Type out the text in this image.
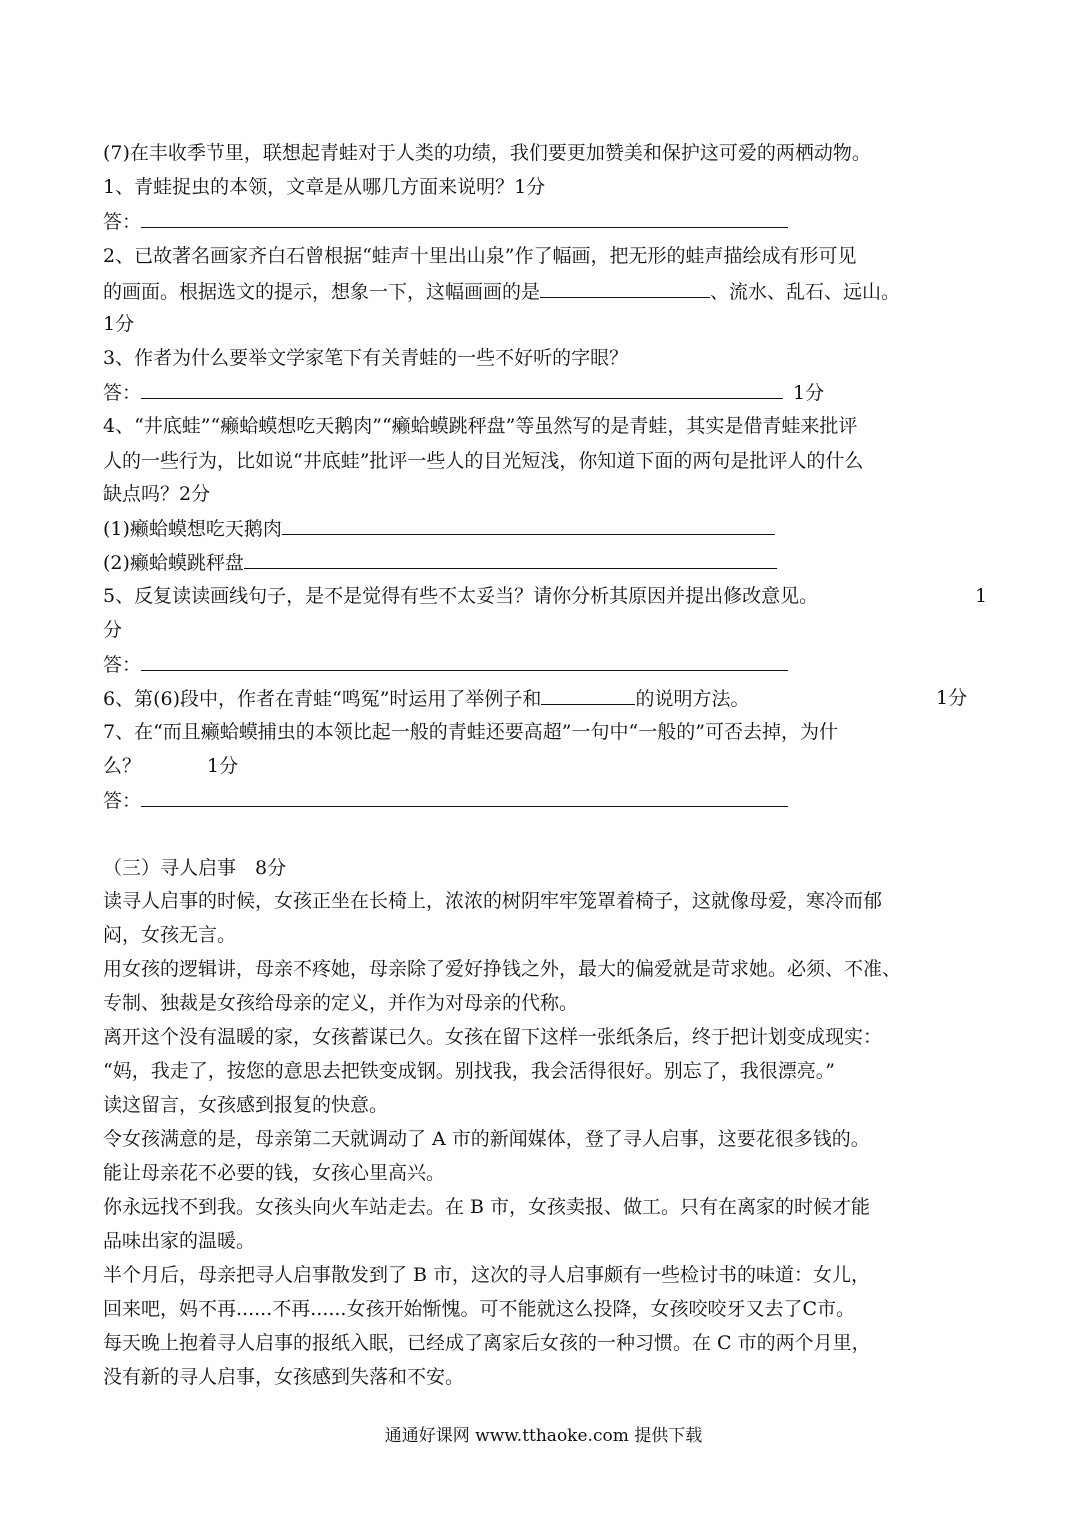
(7)在丰收季节里，联想起青蛙对于人类的功绩，我们要更加赞美和保护这可爱的两栖动物。
1、青蛙捉虫的本领，文章是从哪几方面来说明？1分
答：
2、已故著名画家齐白石曾根据“蛙声十里出山泉”作了幅画，把无形的蛙声描绘成有形可见
的画面。根据选文的提示，想象一下，这幅画画的是	、流水、乱石、远山。
1分
3、作者为什么要举文学家笔下有关青蛙的一些不好听的字眼？
答：	1分
4、“井底蛙”“癞蛤蟆想吃天鹅肉”“癞蛤蟆跳秤盘”等虽然写的是青蛙，其实是借青蛙来批评
人的一些行为，比如说“井底蛙”批评一些人的目光短浅，你知道下面的两句是批评人的什么
缺点吗？2分
(1)癞蛤蟆想吃天鹅肉
(2)癞蛤蟆跳秤盘
5、反复读读画线句子，是不是觉得有些不太妥当？请你分析其原因并提出修改意见。	1
分
答：
6、第(6)段中，作者在青蛙“鸣冤”时运用了举例子和	的说明方法。	1分
7、在“而且癞蛤蟆捕虫的本领比起一般的青蛙还要高超”一句中“一般的”可否去掉，为什
么？	1分
答：
（三）寻人启事　8分
读寻人启事的时候，女孩正坐在长椅上，浓浓的树阴牢牢笼罩着椅子，这就像母爱，寒冷而郁
闷，女孩无言。
用女孩的逻辑讲，母亲不疼她，母亲除了爱好挣钱之外，最大的偏爱就是苛求她。必须、不准、
专制、独裁是女孩给母亲的定义，并作为对母亲的代称。
离开这个没有温暖的家，女孩蓄谋已久。女孩在留下这样一张纸条后，终于把计划变成现实：
“妈，我走了，按您的意思去把铁变成钢。别找我，我会活得很好。别忘了，我很漂亮。”
读这留言，女孩感到报复的快意。
令女孩满意的是，母亲第二天就调动了 A 市的新闻媒体，登了寻人启事，这要花很多钱的。
能让母亲花不必要的钱，女孩心里高兴。
你永远找不到我。女孩头向火车站走去。在 B 市，女孩卖报、做工。只有在离家的时候才能
品味出家的温暖。
半个月后，母亲把寻人启事散发到了 B 市，这次的寻人启事颇有一些检讨书的味道：女儿，
回来吧，妈不再......不再......女孩开始惭愧。可不能就这么投降，女孩咬咬牙又去了C市。
每天晚上抱着寻人启事的报纸入眠，已经成了离家后女孩的一种习惯。在 C 市的两个月里，
没有新的寻人启事，女孩感到失落和不安。
通通好课网 www.tthaoke.com 提供下载
